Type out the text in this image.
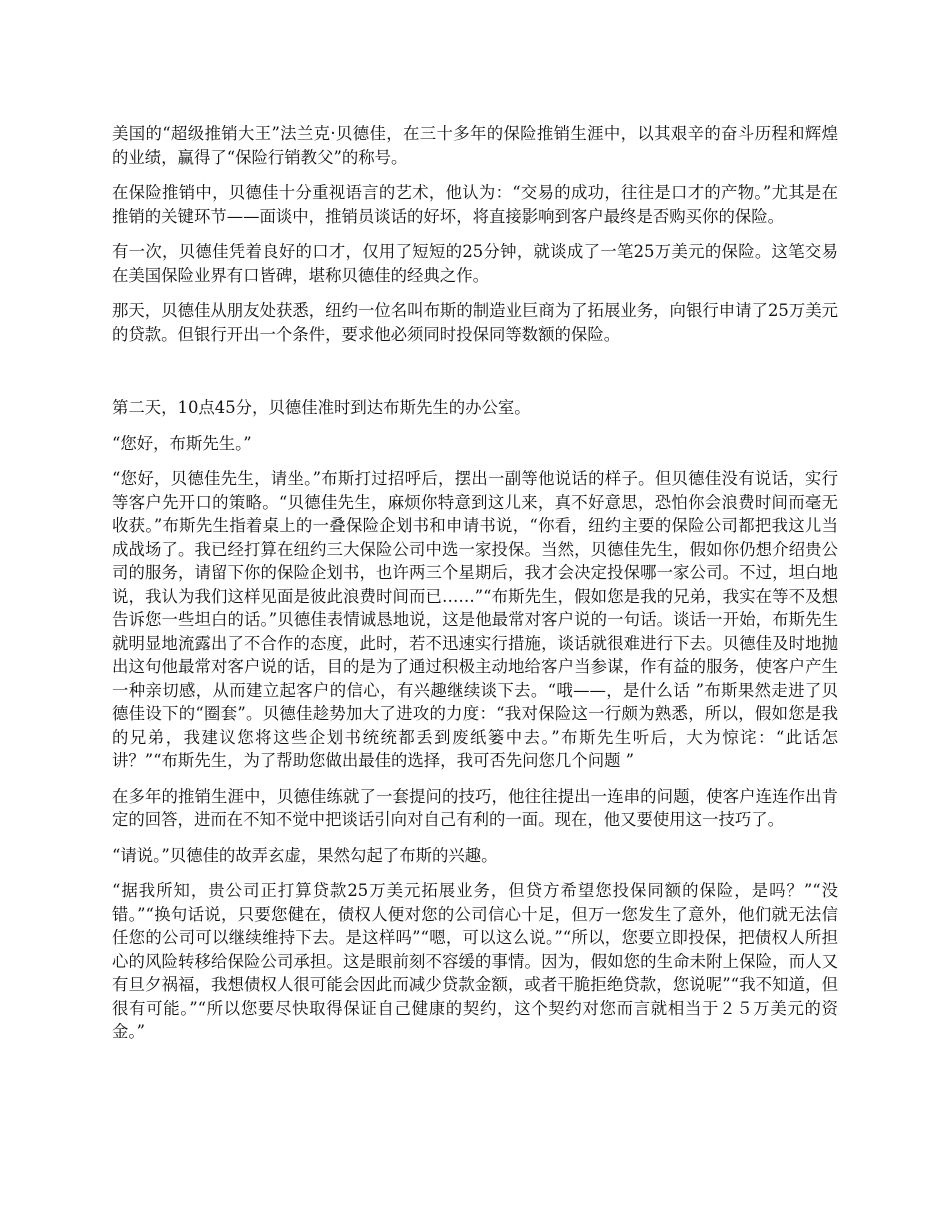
美国的“超级推销大王”法兰克·贝德佳，在三十多年的保险推销生涯中，以其艰辛的奋斗历程和辉煌的业绩，赢得了“保险行销教父”的称号。

在保险推销中，贝德佳十分重视语言的艺术，他认为：“交易的成功，往往是口才的产物。”尤其是在推销的关键环节——面谈中，推销员谈话的好坏，将直接影响到客户最终是否购买你的保险。

有一次，贝德佳凭着良好的口才，仅用了短短的25分钟，就谈成了一笔25万美元的保险。这笔交易在美国保险业界有口皆碑，堪称贝德佳的经典之作。

那天，贝德佳从朋友处获悉，纽约一位名叫布斯的制造业巨商为了拓展业务，向银行申请了25万美元的贷款。但银行开出一个条件，要求他必须同时投保同等数额的保险。

第二天，10点45分，贝德佳准时到达布斯先生的办公室。

“您好，布斯先生。”

“您好，贝德佳先生，请坐。”布斯打过招呼后，摆出一副等他说话的样子。但贝德佳没有说话，实行等客户先开口的策略。“贝德佳先生，麻烦你特意到这儿来，真不好意思，恐怕你会浪费时间而毫无收获。”布斯先生指着桌上的一叠保险企划书和申请书说，“你看，纽约主要的保险公司都把我这儿当成战场了。我已经打算在纽约三大保险公司中选一家投保。当然，贝德佳先生，假如你仍想介绍贵公司的服务，请留下你的保险企划书，也许两三个星期后，我才会决定投保哪一家公司。不过，坦白地说，我认为我们这样见面是彼此浪费时间而已……”“布斯先生，假如您是我的兄弟，我实在等不及想告诉您一些坦白的话。”贝德佳表情诚恳地说，这是他最常对客户说的一句话。谈话一开始，布斯先生就明显地流露出了不合作的态度，此时，若不迅速实行措施，谈话就很难进行下去。贝德佳及时地抛出这句他最常对客户说的话，目的是为了通过积极主动地给客户当参谋，作有益的服务，使客户产生一种亲切感，从而建立起客户的信心，有兴趣继续谈下去。“哦——，是什么话 ”布斯果然走进了贝德佳设下的“圈套”。贝德佳趁势加大了进攻的力度：“我对保险这一行颇为熟悉，所以，假如您是我的兄弟，我建议您将这些企划书统统都丢到废纸篓中去。”布斯先生听后，大为惊诧：“此话怎讲？”“布斯先生，为了帮助您做出最佳的选择，我可否先问您几个问题 ”

在多年的推销生涯中，贝德佳练就了一套提问的技巧，他往往提出一连串的问题，使客户连连作出肯定的回答，进而在不知不觉中把谈话引向对自己有利的一面。现在，他又要使用这一技巧了。

“请说。”贝德佳的故弄玄虚，果然勾起了布斯的兴趣。

“据我所知，贵公司正打算贷款25万美元拓展业务，但贷方希望您投保同额的保险，是吗？”“没错。”“换句话说，只要您健在，债权人便对您的公司信心十足，但万一您发生了意外，他们就无法信任您的公司可以继续维持下去。是这样吗”“嗯，可以这么说。”“所以，您要立即投保，把债权人所担心的风险转移给保险公司承担。这是眼前刻不容缓的事情。因为，假如您的生命未附上保险，而人又有旦夕祸福，我想债权人很可能会因此而减少贷款金额，或者干脆拒绝贷款，您说呢”“我不知道，但很有可能。”“所以您要尽快取得保证自己健康的契约，这个契约对您而言就相当于２５万美元的资金。”
